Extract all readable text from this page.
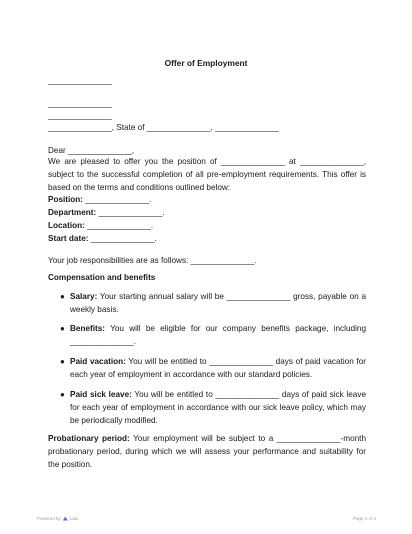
Offer of Employment
______________
______________
______________
______________, State of ______________, ______________
Dear ______________,
We are pleased to offer you the position of ______________ at ______________, subject to the successful completion of all pre-employment requirements. This offer is based on the terms and conditions outlined below:
Position: ______________.
Department: ______________.
Location: ______________.
Start date: ______________.
Your job responsibilities are as follows: ______________.
Compensation and benefits
● Salary: Your starting annual salary will be ______________ gross, payable on a weekly basis.
● Benefits: You will be eligible for our company benefits package, including ______________.
● Paid vacation: You will be entitled to ______________ days of paid vacation for each year of employment in accordance with our standard policies.
● Paid sick leave: You will be entitled to ______________ days of paid sick leave for each year of employment in accordance with our sick leave policy, which may be periodically modified.
Probationary period: Your employment will be subject to a ______________-month probationary period, during which we will assess your performance and suitability for the position.
Powered by Lalo	Page 1 of 2
